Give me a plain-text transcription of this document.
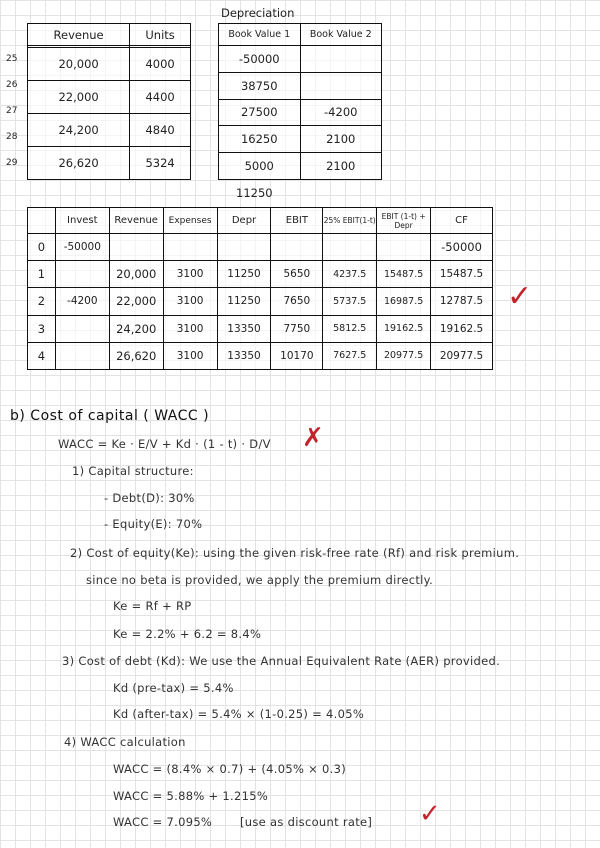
25
26
27
28
29
Revenue	Units

20,000	4000
22,000	4400
24,200	4840
26,620	5324
Depreciation
Book Value 1	Book Value 2
-50000	
38750	
27500	-4200
16250	2100
5000	2100
11250
	Invest	Revenue	Expenses	Depr	EBIT	25% EBIT(1-t)	EBIT (1-t) + Depr	CF
0	-50000							-50000
1		20,000	3100	11250	5650	4237.5	15487.5	15487.5
2	-4200	22,000	3100	11250	7650	5737.5	16987.5	12787.5
3		24,200	3100	13350	7750	5812.5	19162.5	19162.5
4		26,620	3100	13350	10170	7627.5	20977.5	20977.5
✓
b) Cost of capital ( WACC )
WACC = Ke · E/V + Kd · (1 - t) · D/V ✗
1) Capital structure:
- Debt(D): 30%
- Equity(E): 70%
2) Cost of equity(Ke): using the given risk-free rate (Rf) and risk premium.
since no beta is provided, we apply the premium directly.
Ke = Rf + RP
Ke = 2.2% + 6.2 = 8.4%
3) Cost of debt (Kd): We use the Annual Equivalent Rate (AER) provided.
Kd (pre-tax) = 5.4%
Kd (after-tax) = 5.4% × (1-0.25) = 4.05%
4) WACC calculation
WACC = (8.4% × 0.7) + (4.05% × 0.3)
WACC = 5.88% + 1.215%
WACC = 7.095% [use as discount rate] ✓
